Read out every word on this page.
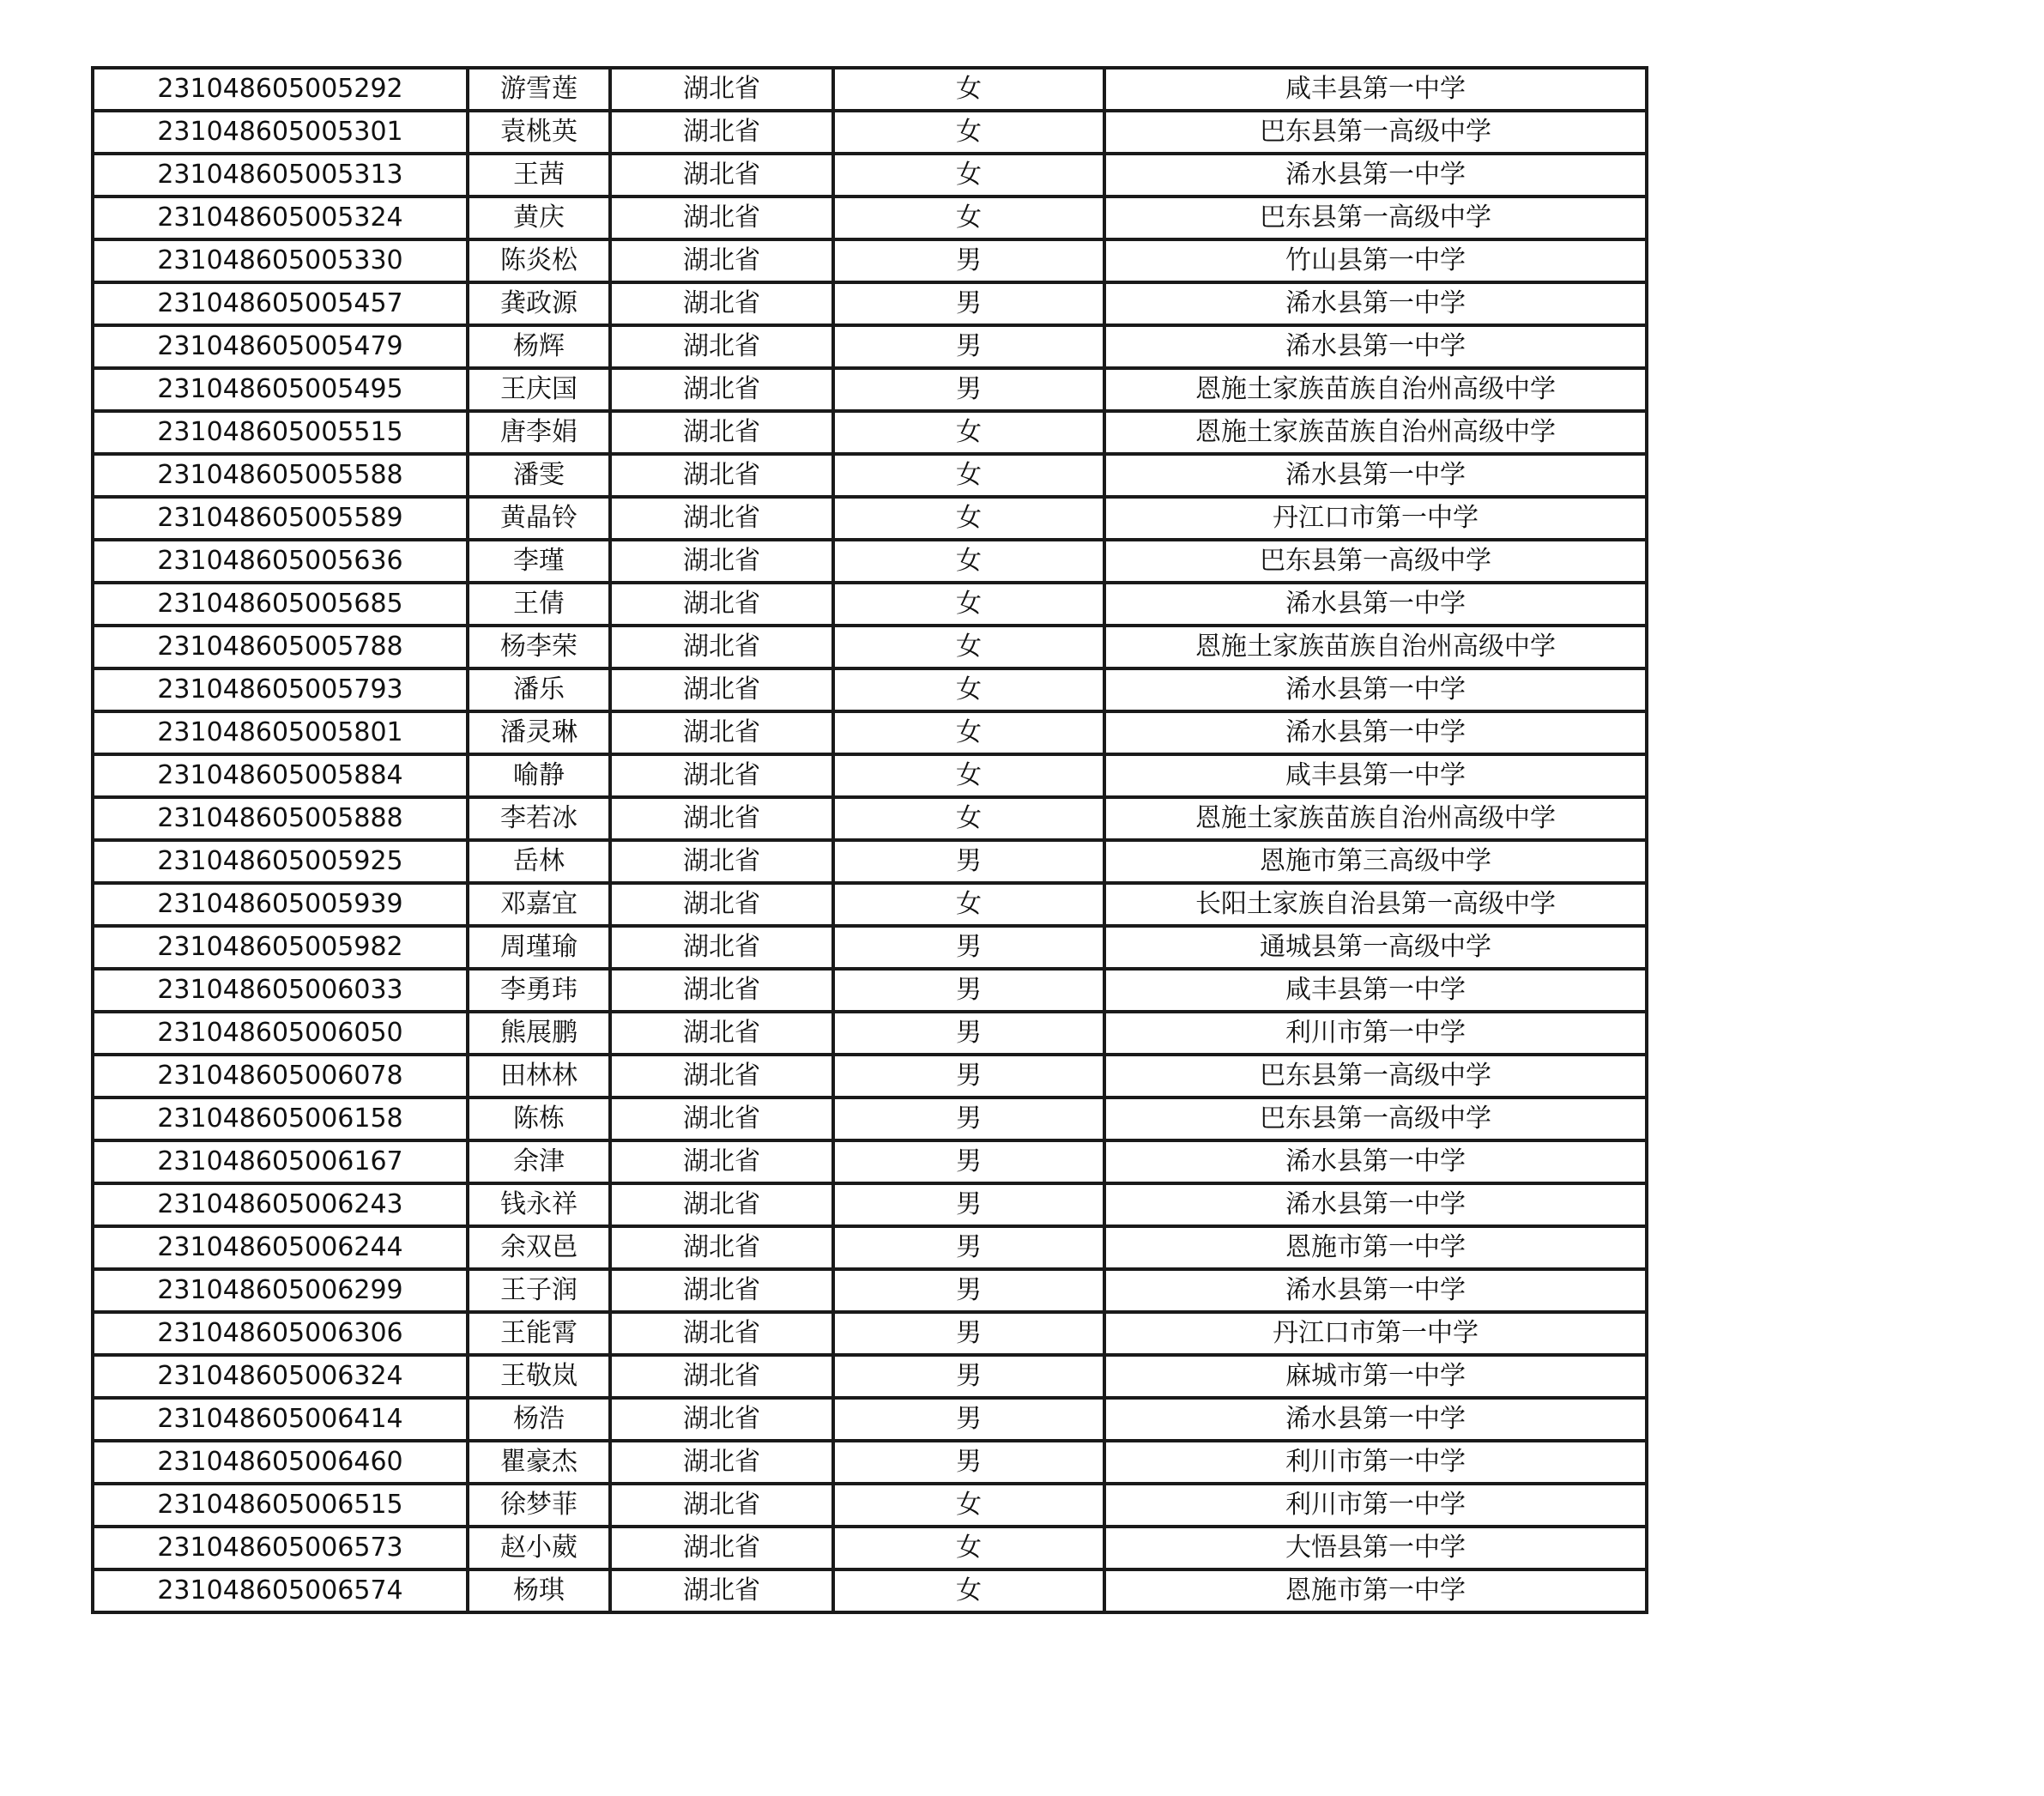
231048605005292	游雪莲	湖北省	女	咸丰县第一中学
231048605005301	袁桃英	湖北省	女	巴东县第一高级中学
231048605005313	王茜	湖北省	女	浠水县第一中学
231048605005324	黄庆	湖北省	女	巴东县第一高级中学
231048605005330	陈炎松	湖北省	男	竹山县第一中学
231048605005457	龚政源	湖北省	男	浠水县第一中学
231048605005479	杨辉	湖北省	男	浠水县第一中学
231048605005495	王庆国	湖北省	男	恩施土家族苗族自治州高级中学
231048605005515	唐李娟	湖北省	女	恩施土家族苗族自治州高级中学
231048605005588	潘雯	湖北省	女	浠水县第一中学
231048605005589	黄晶铃	湖北省	女	丹江口市第一中学
231048605005636	李瑾	湖北省	女	巴东县第一高级中学
231048605005685	王倩	湖北省	女	浠水县第一中学
231048605005788	杨李荣	湖北省	女	恩施土家族苗族自治州高级中学
231048605005793	潘乐	湖北省	女	浠水县第一中学
231048605005801	潘灵琳	湖北省	女	浠水县第一中学
231048605005884	喻静	湖北省	女	咸丰县第一中学
231048605005888	李若冰	湖北省	女	恩施土家族苗族自治州高级中学
231048605005925	岳林	湖北省	男	恩施市第三高级中学
231048605005939	邓嘉宜	湖北省	女	长阳土家族自治县第一高级中学
231048605005982	周瑾瑜	湖北省	男	通城县第一高级中学
231048605006033	李勇玮	湖北省	男	咸丰县第一中学
231048605006050	熊展鹏	湖北省	男	利川市第一中学
231048605006078	田林林	湖北省	男	巴东县第一高级中学
231048605006158	陈栋	湖北省	男	巴东县第一高级中学
231048605006167	余津	湖北省	男	浠水县第一中学
231048605006243	钱永祥	湖北省	男	浠水县第一中学
231048605006244	余双邑	湖北省	男	恩施市第一中学
231048605006299	王子润	湖北省	男	浠水县第一中学
231048605006306	王能霄	湖北省	男	丹江口市第一中学
231048605006324	王敬岚	湖北省	男	麻城市第一中学
231048605006414	杨浩	湖北省	男	浠水县第一中学
231048605006460	瞿豪杰	湖北省	男	利川市第一中学
231048605006515	徐梦菲	湖北省	女	利川市第一中学
231048605006573	赵小葳	湖北省	女	大悟县第一中学
231048605006574	杨琪	湖北省	女	恩施市第一中学
